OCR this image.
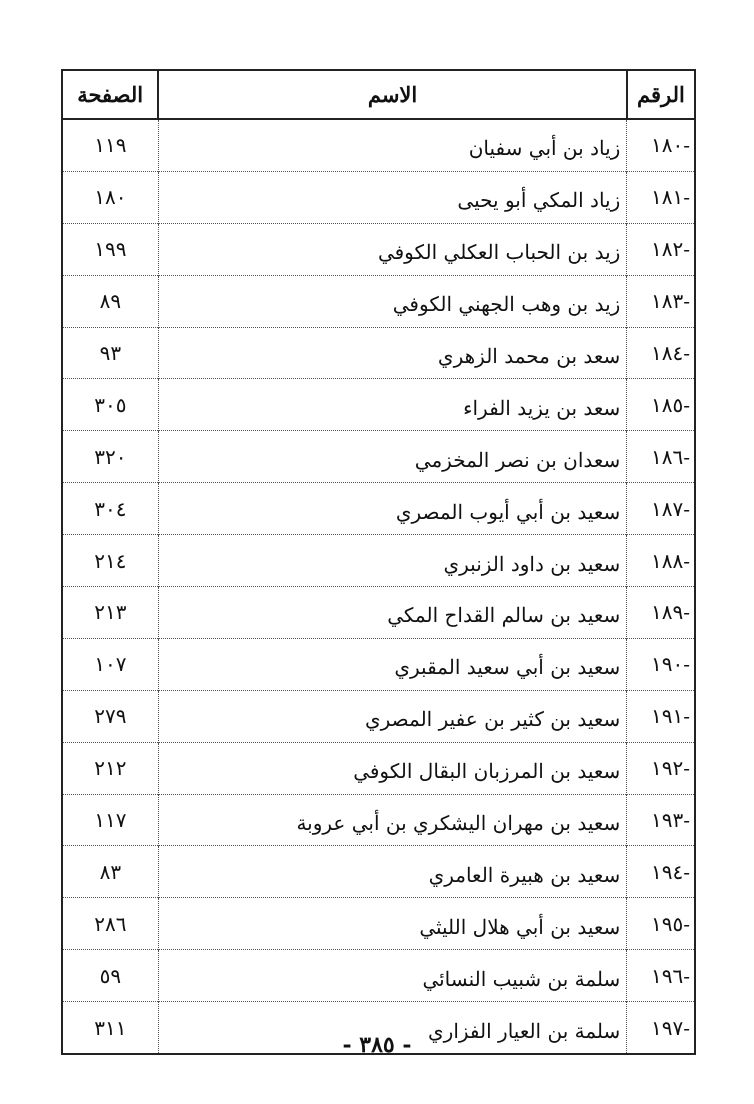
الرقم	الاسم	الصفحة
-١٨٠	زياد بن أبي سفيان	١١٩
-١٨١	زياد المكي أبو يحيى	١٨٠
-١٨٢	زيد بن الحباب العكلي الكوفي	١٩٩
-١٨٣	زيد بن وهب الجهني الكوفي	٨٩
-١٨٤	سعد بن محمد الزهري	٩٣
-١٨٥	سعد بن يزيد الفراء	٣٠٥
-١٨٦	سعدان بن نصر المخزمي	٣٢٠
-١٨٧	سعيد بن أبي أيوب المصري	٣٠٤
-١٨٨	سعيد بن داود الزنبري	٢١٤
-١٨٩	سعيد بن سالم القداح المكي	٢١٣
-١٩٠	سعيد بن أبي سعيد المقبري	١٠٧
-١٩١	سعيد بن كثير بن عفير المصري	٢٧٩
-١٩٢	سعيد بن المرزبان البقال الكوفي	٢١٢
-١٩٣	سعيد بن مهران اليشكري بن أبي عروبة	١١٧
-١٩٤	سعيد بن هبيرة العامري	٨٣
-١٩٥	سعيد بن أبي هلال الليثي	٢٨٦
-١٩٦	سلمة بن شبيب النسائي	٥٩
-١٩٧	سلمة بن العيار الفزاري	٣١١
- ٣٨٥ -
